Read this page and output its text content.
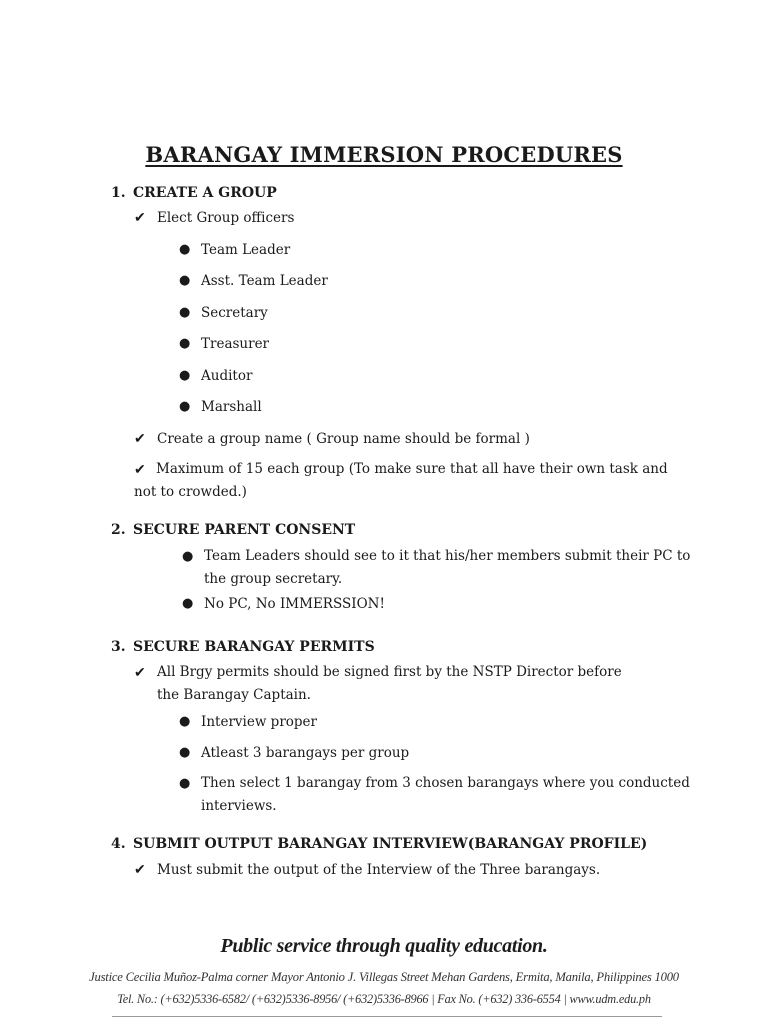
BARANGAY IMMERSION PROCEDURES
1. CREATE A GROUP
✔ Elect Group officers
● Team Leader
● Asst. Team Leader
● Secretary
● Treasurer
● Auditor
● Marshall
✔ Create a group name ( Group name should be formal )
✔ Maximum of 15 each group (To make sure that all have their own task and not to crowded.)
2. SECURE PARENT CONSENT
● Team Leaders should see to it that his/her members submit their PC to the group secretary.
● No PC, No IMMERSSION!
3. SECURE BARANGAY PERMITS
✔ All Brgy permits should be signed first by the NSTP Director before the Barangay Captain.
● Interview proper
● Atleast 3 barangays per group
● Then select 1 barangay from 3 chosen barangays where you conducted interviews.
4. SUBMIT OUTPUT BARANGAY INTERVIEW(BARANGAY PROFILE)
✔ Must submit the output of the Interview of the Three barangays.
Public service through quality education.
Justice Cecilia Muñoz-Palma corner Mayor Antonio J. Villegas Street Mehan Gardens, Ermita, Manila, Philippines 1000
Tel. No.: (+632)5336-6582/ (+632)5336-8956/ (+632)5336-8966 | Fax No. (+632) 336-6554 | www.udm.edu.ph
